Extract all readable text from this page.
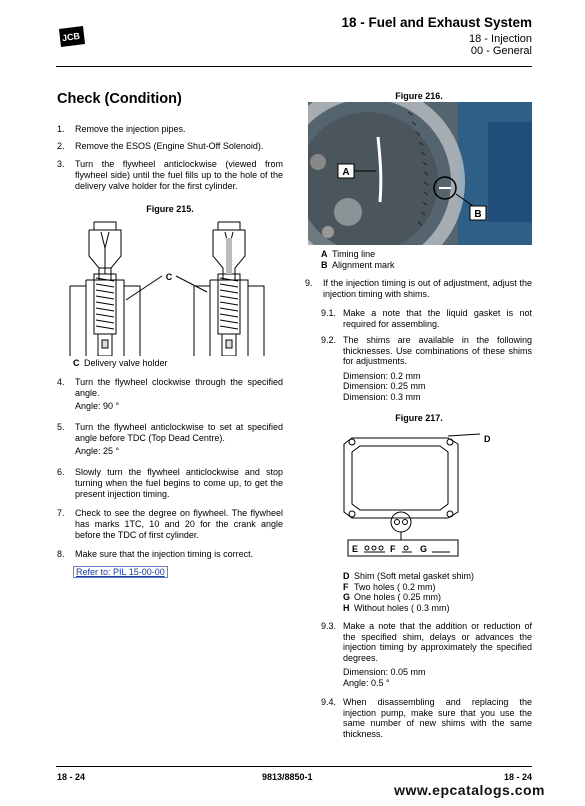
JCB
18 - Fuel and Exhaust System
18 - Injection
00 - General
Check (Condition)
1.	Remove the injection pipes.
2.	Remove the ESOS (Engine Shut-Off Solenoid).
3.	Turn the flywheel anticlockwise (viewed from flywheel side) until the fuel fills up to the hole of the delivery valve holder for the first cylinder.
Figure 215.
C
C Delivery valve holder
4.	Turn the flywheel clockwise through the specified angle.

Angle: 90 °
5.	Turn the flywheel anticlockwise to set at specified angle before TDC (Top Dead Centre).

Angle: 25 °
6.	Slowly turn the flywheel anticlockwise and stop turning when the fuel begins to come up, to get the present injection timing.
7.	Check to see the degree on flywheel. The flywheel has marks 1TC, 10 and 20 for the crank angle before the TDC of first cylinder.
8.	Make sure that the injection timing is correct.
Refer to: PIL 15-00-00
Figure 216.
A
B
A Timing line
B Alignment mark
9.	If the injection timing is out of adjustment, adjust the injection timing with shims.
9.1. Make a note that the liquid gasket is not required for assembling.
9.2. The shims are available in the following thicknesses. Use combinations of these shims for adjustments.
Dimension: 0.2 mm
Dimension: 0.25 mm
Dimension: 0.3 mm
Figure 217.
D
E	F	G
D Shim (Soft metal gasket shim)
F Two holes ( 0.2 mm)
G One holes ( 0.25 mm)
H Without holes ( 0.3 mm)
9.3. Make a note that the addition or reduction of the specified shim, delays or advances the injection timing by approximately the specified degrees.
Dimension: 0.05 mm
Angle: 0.5 °
9.4. When disassembling and replacing the injection pump, make sure that you use the same number of new shims with the same thickness.
18 - 24	9813/8850-1	18 - 24
www.epcatalogs.com
